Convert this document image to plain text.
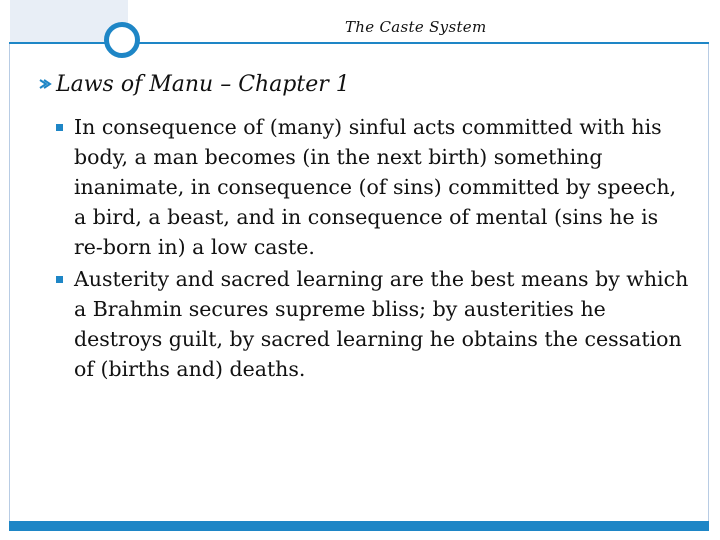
The Caste System
Laws of Manu – Chapter 1
In consequence of (many) sinful acts committed with his body, a man becomes (in the next birth) something inanimate, in consequence (of sins) committed by speech, a bird, a beast, and in consequence of mental (sins he is re-born in) a low caste.
Austerity and sacred learning are the best means by which a Brahmin secures supreme bliss; by austerities he destroys guilt, by sacred learning he obtains the cessation of (births and) deaths.
